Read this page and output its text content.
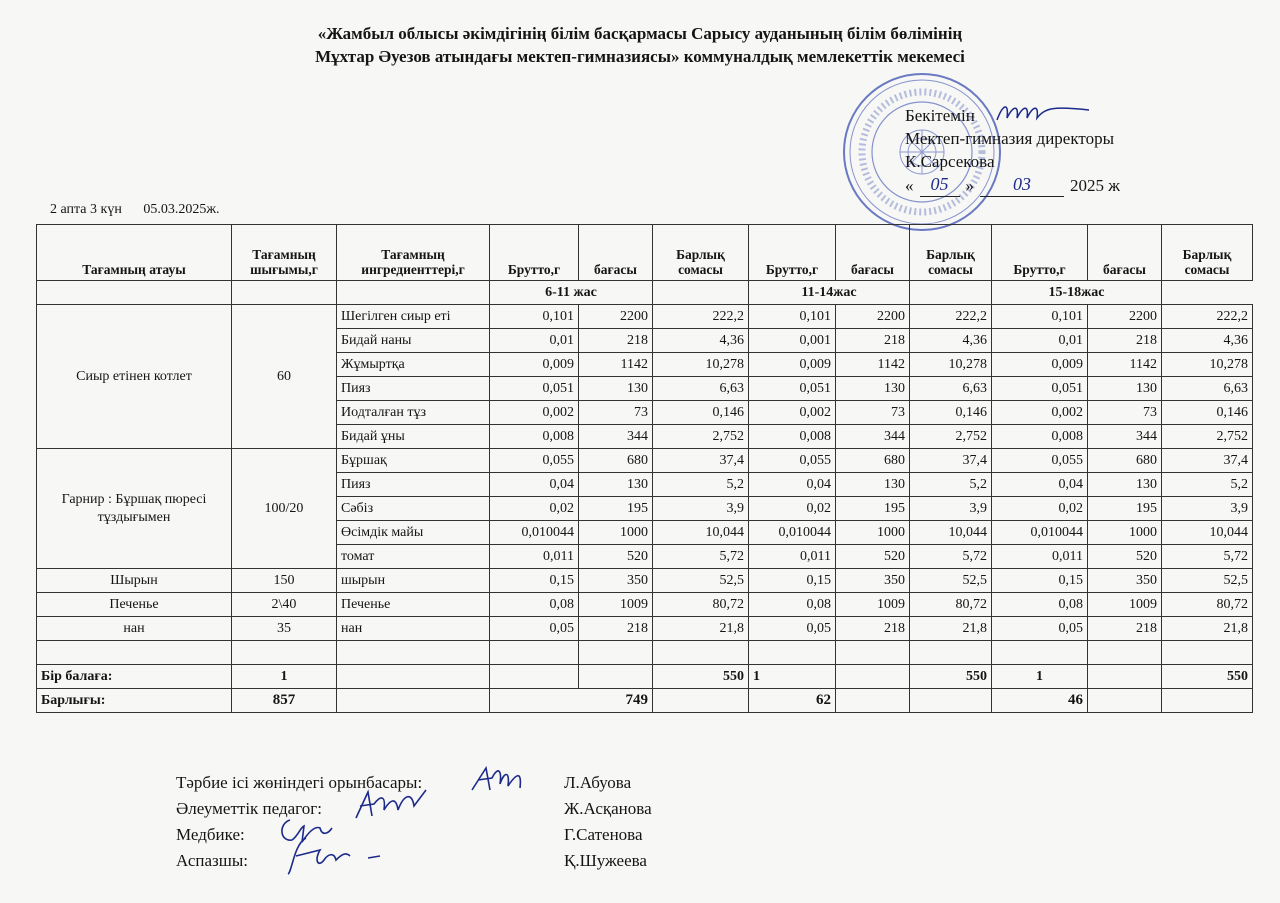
«Жамбыл облысы әкімдігінің білім басқармасы Сарысу ауданының білім бөлімінің
Мұхтар Әуезов атындағы мектеп-гимназиясы» коммуналдық мемлекеттік мекемесі
Бекітемін
Мектеп-гимназия директоры
К.Сарсекова
« 05	»	03	2025 ж
2 апта 3 күн 05.03.2025ж.
Тағамның атауы	Тағамның шығымы,г	Тағамның ингредиенттері,г	Брутто,г	бағасы	Барлық сомасы	Брутто,г	бағасы	Барлық сомасы	Брутто,г	бағасы	Барлық сомасы
			6-11 жас			11-14жас			15-18жас		
Сиыр етінен котлет	60	Шегілген сиыр еті	0,101	2200	222,2	0,101	2200	222,2	0,101	2200	222,2
		Бидай наны	0,01	218	4,36	0,001	218	4,36	0,01	218	4,36
		Жұмыртқа	0,009	1142	10,278	0,009	1142	10,278	0,009	1142	10,278
		Пияз	0,051	130	6,63	0,051	130	6,63	0,051	130	6,63
		Иодталған тұз	0,002	73	0,146	0,002	73	0,146	0,002	73	0,146
		Бидай ұны	0,008	344	2,752	0,008	344	2,752	0,008	344	2,752
Гарнир : Бұршақ пюресі тұздығымен	100/20	Бұршақ	0,055	680	37,4	0,055	680	37,4	0,055	680	37,4
		Пияз	0,04	130	5,2	0,04	130	5,2	0,04	130	5,2
		Сәбіз	0,02	195	3,9	0,02	195	3,9	0,02	195	3,9
		Өсімдік майы	0,010044	1000	10,044	0,010044	1000	10,044	0,010044	1000	10,044
		томат	0,011	520	5,72	0,011	520	5,72	0,011	520	5,72
Шырын	150	шырын	0,15	350	52,5	0,15	350	52,5	0,15	350	52,5
Печенье	2\40	Печенье	0,08	1009	80,72	0,08	1009	80,72	0,08	1009	80,72
нан	35	нан	0,05	218	21,8	0,05	218	21,8	0,05	218	21,8

Бір балаға:	1				550	1		550	1		550
Барлығы:	857		749			62			46		
Тәрбие ісі жөніндегі орынбасары:	Л.Абуова
Әлеуметтік педагог:	Ж.Асқанова
Медбике:	Г.Сатенова
Аспазшы:	Қ.Шужеева
